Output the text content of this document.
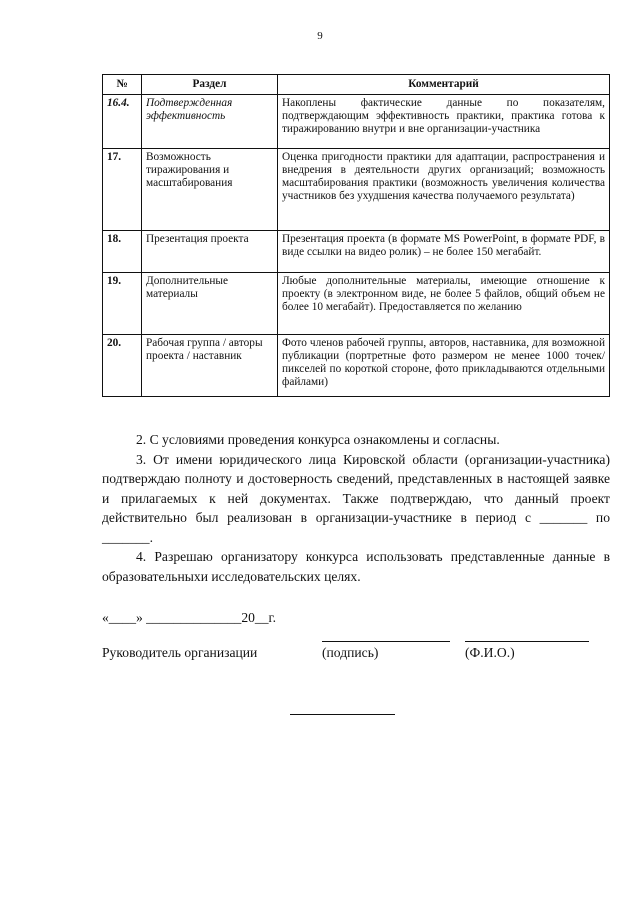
9
№	Раздел	Комментарий
16.4.	Подтвержденная эффективность	Накоплены фактические данные по показателям, подтверждающим эффективность практики, практика готова к тиражированию внутри и вне организации-участника
17.	Возможность тиражирования и масштабирования	Оценка пригодности практики для адаптации, распространения и внедрения в деятельности других организаций; возможность масштабирования практики (возможность увеличения количества участников без ухудшения качества получаемого результата)
18.	Презентация проекта	Презентация проекта (в формате MS PowerPoint, в формате PDF, в виде ссылки на видео ролик) – не более 150 мегабайт.
19.	Дополнительные материалы	Любые дополнительные материалы, имеющие отношение к проекту (в электронном виде, не более 5 файлов, общий объем не более 10 мегабайт). Предоставляется по желанию
20.	Рабочая группа / авторы проекта / наставник	Фото членов рабочей группы, авторов, наставника, для возможной публикации (портретные фото размером не менее 1000 точек/пикселей по короткой стороне, фото прикладываются отдельными файлами)

2. С условиями проведения конкурса ознакомлены и согласны.

3. От имени юридического лица Кировской области (организации-участника) подтверждаю полноту и достоверность сведений, представленных в настоящей заявке и прилагаемых к ней документах. Также подтверждаю, что данный проект действительно был реализован в организации-участнике в период с _______ по _______.

4. Разрешаю организатору конкурса использовать представленные данные в образовательныхи исследовательских целях.

«____» ______________20__г.
Руководитель организации	(подпись)	(Ф.И.О.)
